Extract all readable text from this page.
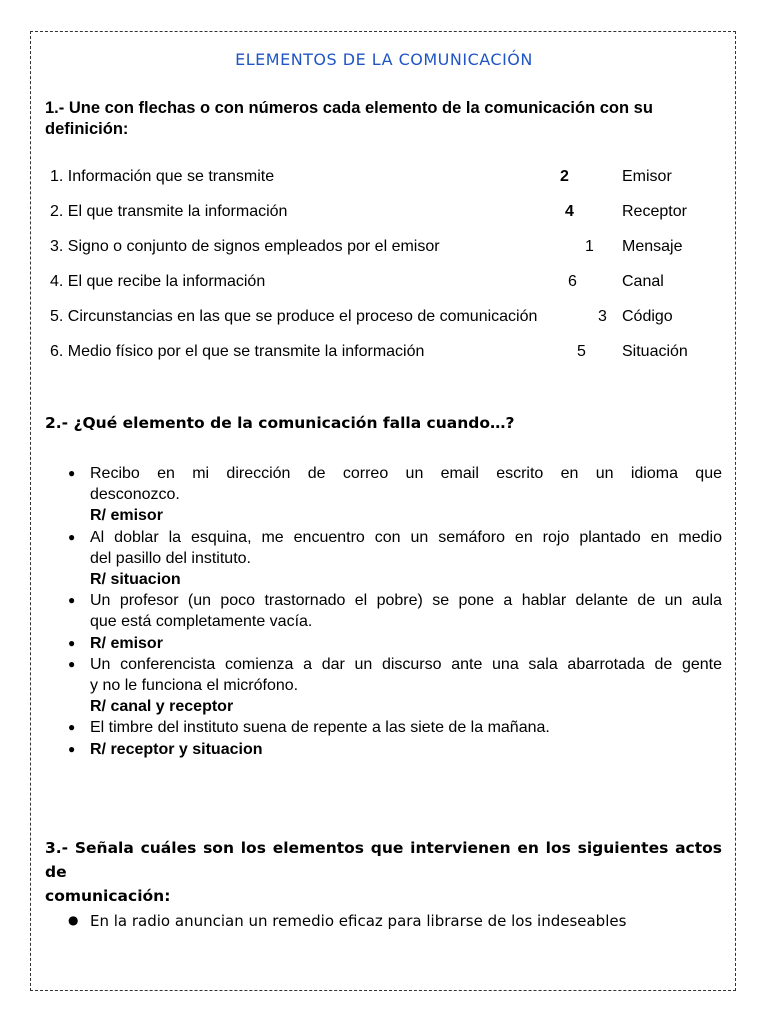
ELEMENTOS DE LA COMUNICACIÓN
1.- Une con flechas o con números cada elemento de la comunicación con su definición:
1. Información que se transmite	2	Emisor
2. El que transmite la información	4	Receptor
3. Signo o conjunto de signos empleados por el emisor	1 Mensaje
4. El que recibe la información	6	Canal
5. Circunstancias en las que se produce el proceso de comunicación	3 Código
6. Medio físico por el que se transmite la información	5 Situación
2.- ¿Qué elemento de la comunicación falla cuando…?
● Recibo en mi dirección de correo un email escrito en un idioma que
desconozco.
R/ emisor
● Al doblar la esquina, me encuentro con un semáforo en rojo plantado en medio
del pasillo del instituto.
R/ situacion
● Un profesor (un poco trastornado el pobre) se pone a hablar delante de un aula
que está completamente vacía.
● R/ emisor
● Un conferencista comienza a dar un discurso ante una sala abarrotada de gente
y no le funciona el micrófono.
R/ canal y receptor
● El timbre del instituto suena de repente a las siete de la mañana.
● R/ receptor y situacion
3.- Señala cuáles son los elementos que intervienen en los siguientes actos de
comunicación:
● En la radio anuncian un remedio eficaz para librarse de los indeseables
